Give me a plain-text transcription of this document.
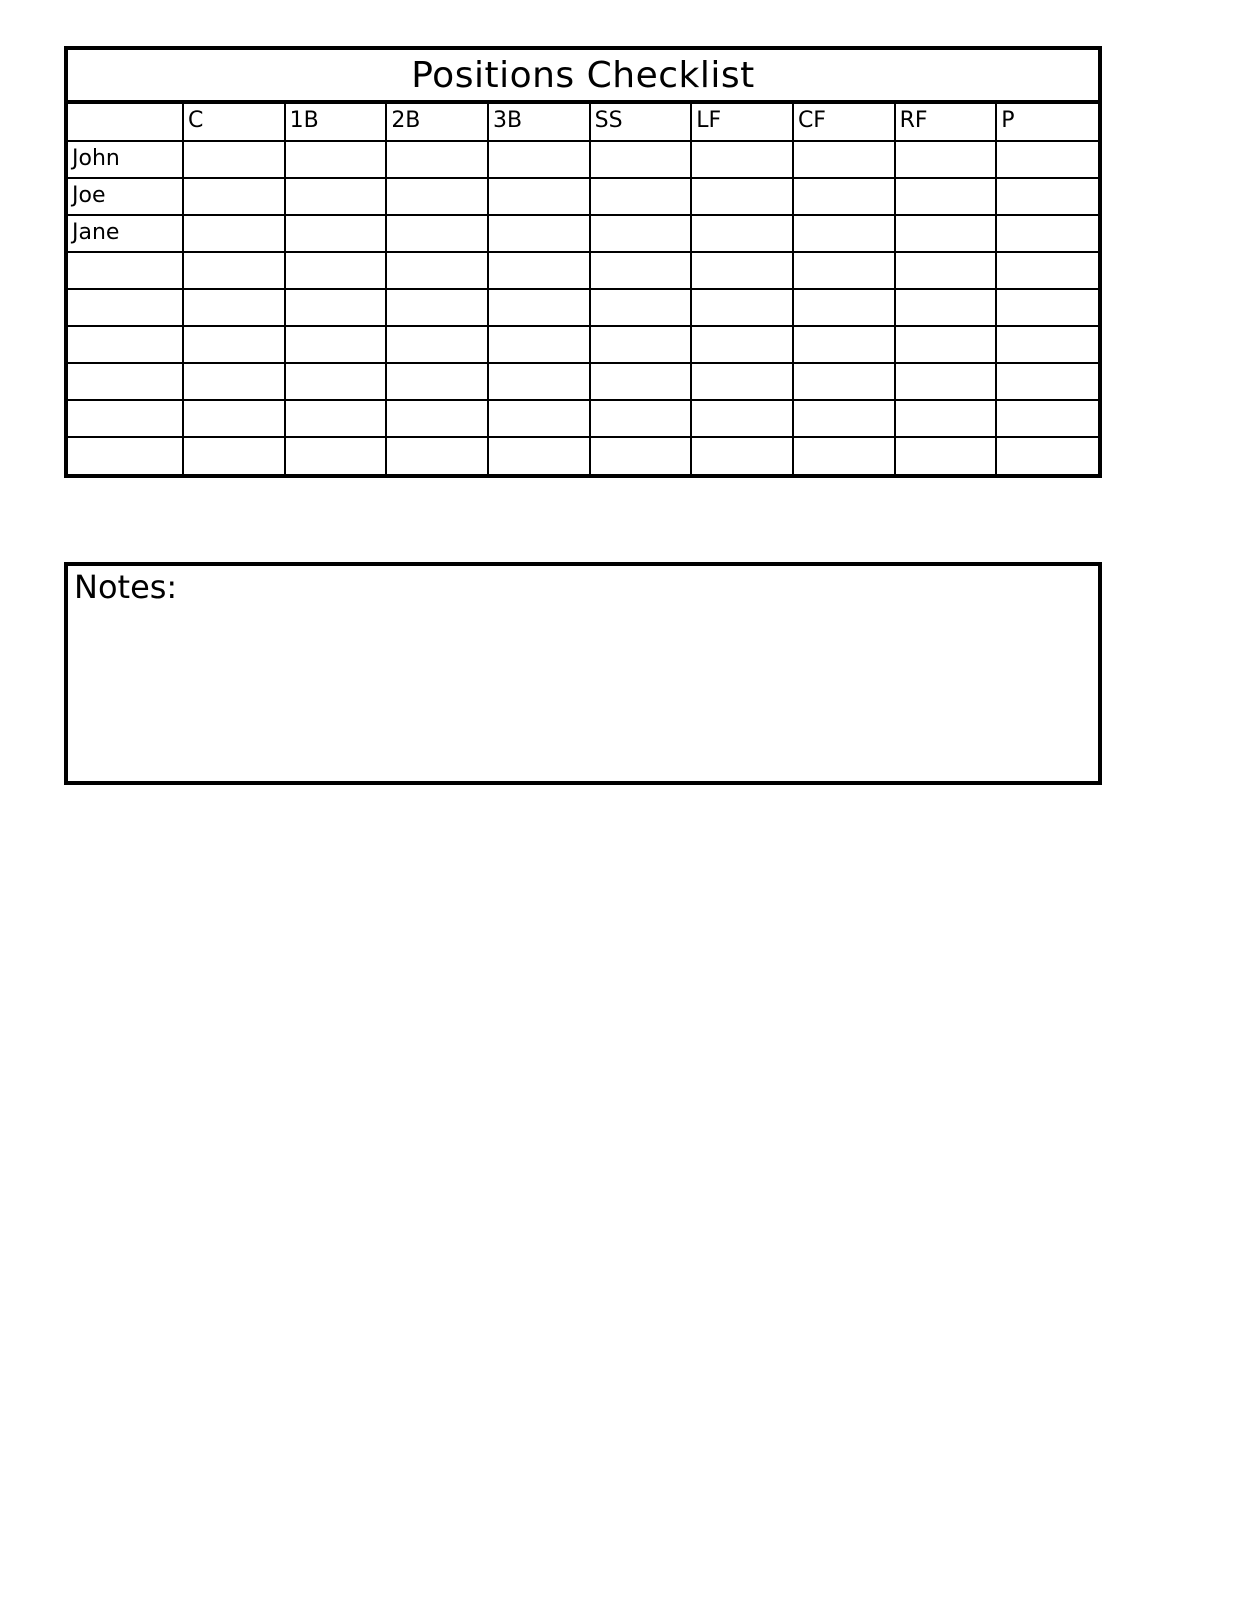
Positions Checklist
	C	1B	2B	3B	SS	LF	CF	RF	P
John									
Joe									
Jane									

Notes:
